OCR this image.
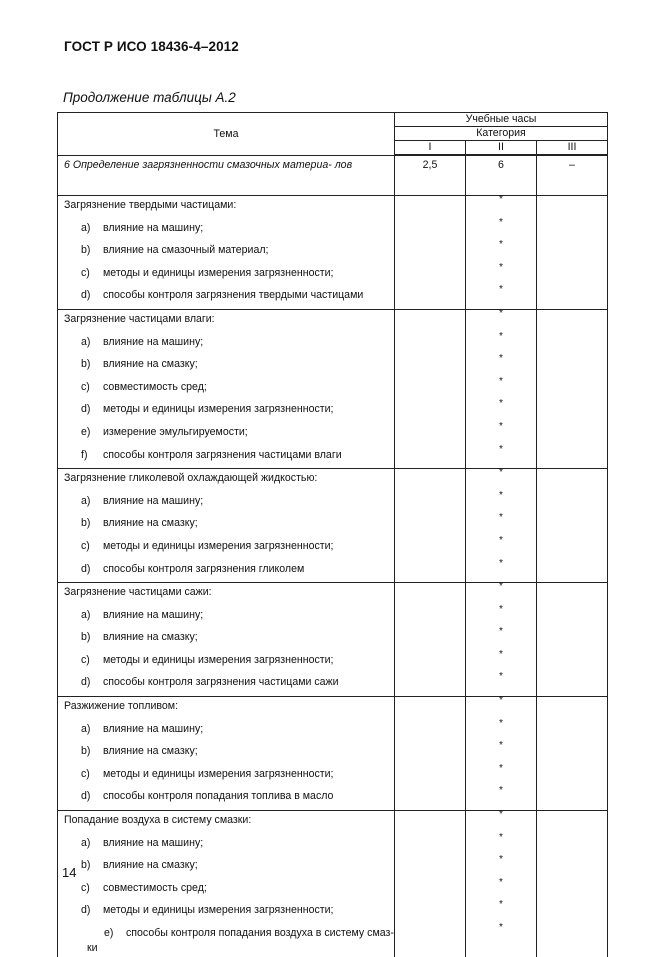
ГОСТ Р ИСО 18436-4–2012
Продолжение таблицы А.2
Тема	Учебные часы		
	Категория		
	I	II	III
6 Определение загрязненности смазочных материа- лов	2,5	6	–
Загрязнение твердыми частицами:		*	
a) влияние на машину;		*	
b) влияние на смазочный материал;		*	
c) методы и единицы измерения загрязненности;		*	
d) способы контроля загрязнения твердыми частицами		*	
Загрязнение частицами влаги:		*	
a) влияние на машину;		*	
b) влияние на смазку;		*	
c) совместимость сред;		*	
d) методы и единицы измерения загрязненности;		*	
e) измерение эмульгируемости;		*	
f) способы контроля загрязнения частицами влаги		*	
Загрязнение гликолевой охлаждающей жидкостью:		*	
a) влияние на машину;		*	
b) влияние на смазку;		*	
c) методы и единицы измерения загрязненности;		*	
d) способы контроля загрязнения гликолем		*	
Загрязнение частицами сажи:		*	
a) влияние на машину;		*	
b) влияние на смазку;		*	
c) методы и единицы измерения загрязненности;		*	
d) способы контроля загрязнения частицами сажи		*	
Разжижение топливом:		*	
a) влияние на машину;		*	
b) влияние на смазку;		*	
c) методы и единицы измерения загрязненности;		*	
d) способы контроля попадания топлива в масло		*	
Попадание воздуха в систему смазки:		*	
a) влияние на машину;		*	
b) влияние на смазку;		*	
c) совместимость сред;		*	
d) методы и единицы измерения загрязненности;		*	

e) способы контроля попадания воздуха в систему смаз-
ки		*	

14
